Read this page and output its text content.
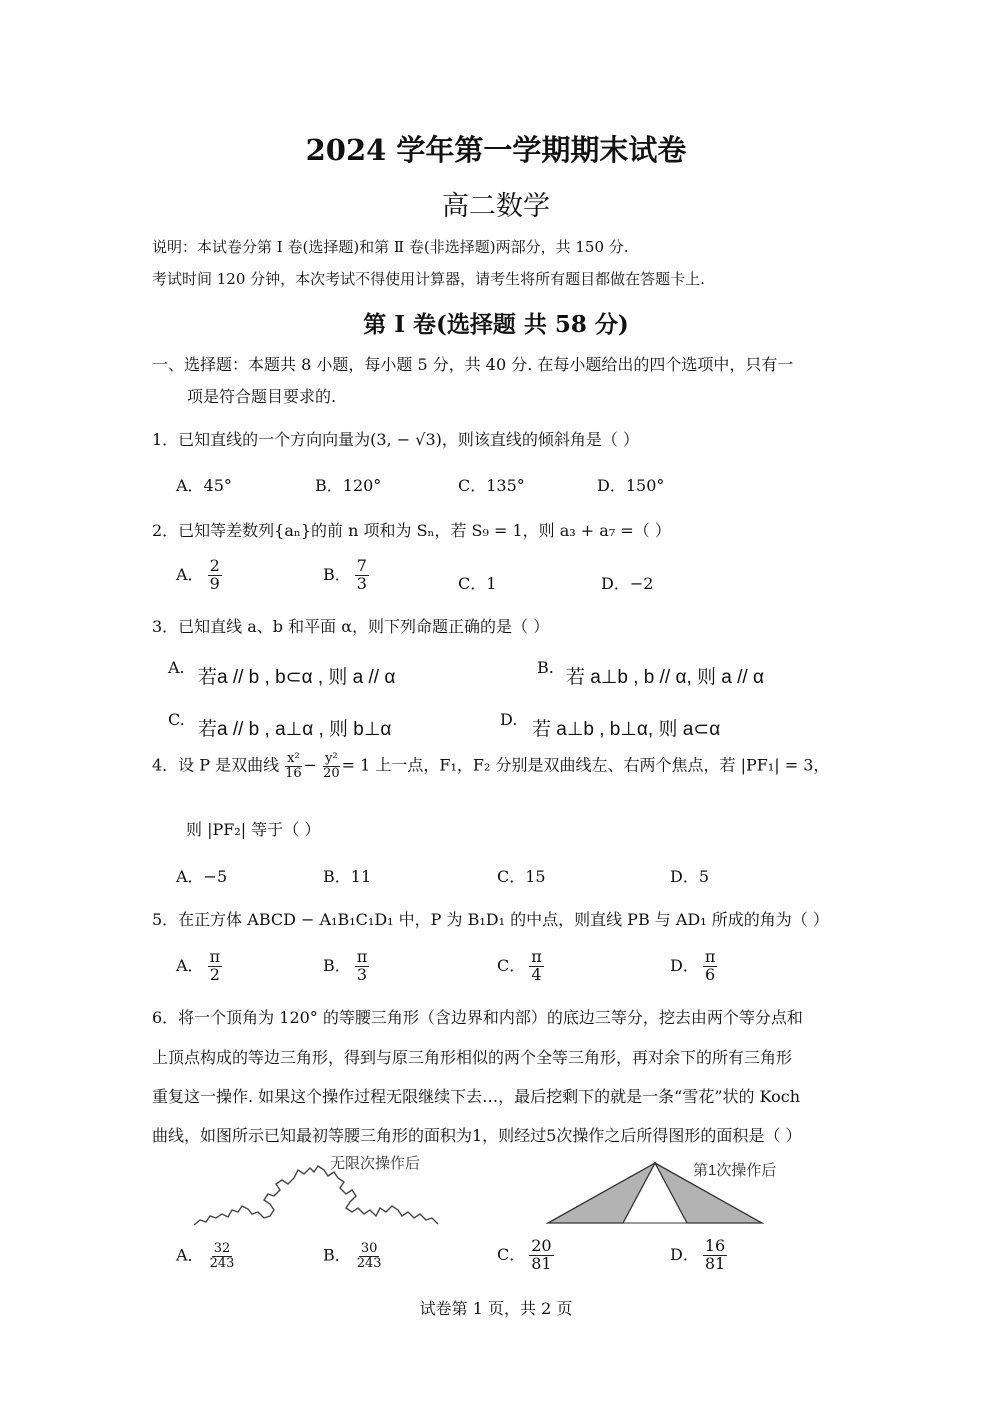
2024 学年第一学期期末试卷
高二数学
说明：本试卷分第 Ⅰ 卷(选择题)和第 Ⅱ 卷(非选择题)两部分，共 150 分.
考试时间 120 分钟，本次考试不得使用计算器，请考生将所有题目都做在答题卡上.
第 Ⅰ 卷(选择题 共 58 分)
一、选择题：本题共 8 小题，每小题 5 分，共 40 分. 在每小题给出的四个选项中，只有一
项是符合题目要求的.
1．已知直线的一个方向向量为(3, − √3)，则该直线的倾斜角是（ ）
A．45°	B．120°	C．135°	D．150°
2．已知等差数列{aₙ}的前 n 项和为 Sₙ，若 S₉ = 1，则 a₃ + a₇ =（ ）
A． $\frac{2}{9}$	B． $\frac{7}{3}$	C．1	D．−2
3．已知直线 a、b 和平面 α，则下列命题正确的是（ ）
A. 若a // b , b⊂α , 则 a // α	B. 若 a⊥b , b // α, 则 a // α
C. 若a // b , a⊥α , 则 b⊥α	D. 若 a⊥b , b⊥α, 则 a⊂α
4．设 P 是双曲线 $\frac{\text{x²}}{16} - \frac{\text{y²}}{20} = 1$ 上一点，F₁，F₂ 分别是双曲线左、右两个焦点，若 |PF₁| = 3，
则 |PF₂| 等于（ ）
A．−5	B．11	C．15	D．5
5．在正方体 ABCD − A₁B₁C₁D₁ 中，P 为 B₁D₁ 的中点，则直线 PB 与 AD₁ 所成的角为（ ）
A． $\frac{\pi}{2}$	B． $\frac{\pi}{3}$	C． $\frac{\pi}{4}$	D． $\frac{\pi}{6}$
6．将一个顶角为 120° 的等腰三角形（含边界和内部）的底边三等分，挖去由两个等分点和
上顶点构成的等边三角形，得到与原三角形相似的两个全等三角形，再对余下的所有三角形
重复这一操作. 如果这个操作过程无限继续下去…，最后挖剩下的就是一条“雪花”状的 Koch
曲线，如图所示已知最初等腰三角形的面积为1，则经过5次操作之后所得图形的面积是（ ）
无限次操作后	第1次操作后
A． $\frac{32}{243}$	B． $\frac{30}{243}$	C． $\frac{20}{81}$	D． $\frac{16}{81}$
试卷第 1 页，共 2 页
